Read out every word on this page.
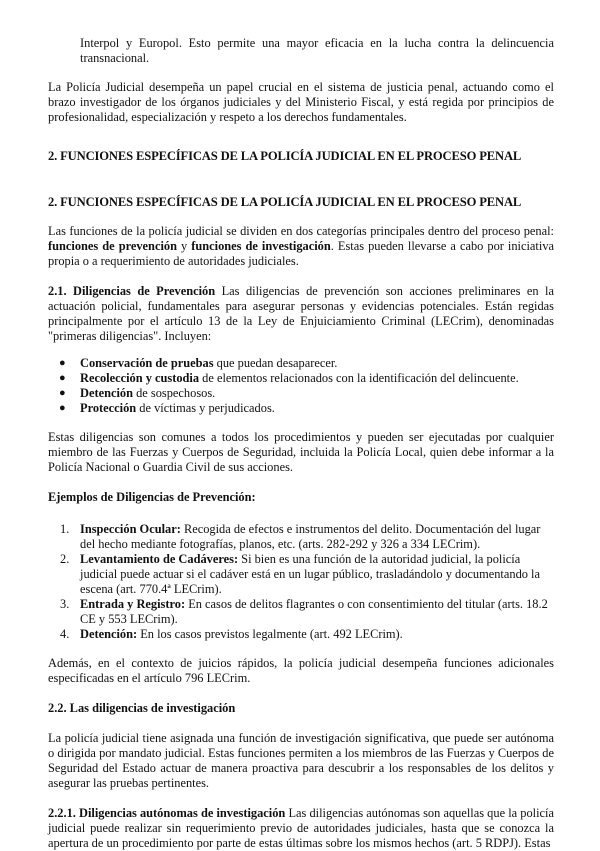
Interpol y Europol. Esto permite una mayor eficacia en la lucha contra la delincuencia transnacional.

La Policía Judicial desempeña un papel crucial en el sistema de justicia penal, actuando como el brazo investigador de los órganos judiciales y del Ministerio Fiscal, y está regida por principios de profesionalidad, especialización y respeto a los derechos fundamentales.

2. FUNCIONES ESPECÍFICAS DE LA POLICÍA JUDICIAL EN EL PROCESO PENAL
2. FUNCIONES ESPECÍFICAS DE LA POLICÍA JUDICIAL EN EL PROCESO PENAL

Las funciones de la policía judicial se dividen en dos categorías principales dentro del proceso penal: funciones de prevención y funciones de investigación. Estas pueden llevarse a cabo por iniciativa propia o a requerimiento de autoridades judiciales.

2.1. Diligencias de Prevención Las diligencias de prevención son acciones preliminares en la actuación policial, fundamentales para asegurar personas y evidencias potenciales. Están regidas principalmente por el artículo 13 de la Ley de Enjuiciamiento Criminal (LECrim), denominadas "primeras diligencias". Incluyen:

● Conservación de pruebas que puedan desaparecer.
● Recolección y custodia de elementos relacionados con la identificación del delincuente.
● Detención de sospechosos.
● Protección de víctimas y perjudicados.

Estas diligencias son comunes a todos los procedimientos y pueden ser ejecutadas por cualquier miembro de las Fuerzas y Cuerpos de Seguridad, incluida la Policía Local, quien debe informar a la Policía Nacional o Guardia Civil de sus acciones.

Ejemplos de Diligencias de Prevención:

1. Inspección Ocular: Recogida de efectos e instrumentos del delito. Documentación del lugar del hecho mediante fotografías, planos, etc. (arts. 282-292 y 326 a 334 LECrim).
2. Levantamiento de Cadáveres: Si bien es una función de la autoridad judicial, la policía judicial puede actuar si el cadáver está en un lugar público, trasladándolo y documentando la escena (art. 770.4ª LECrim).
3. Entrada y Registro: En casos de delitos flagrantes o con consentimiento del titular (arts. 18.2 CE y 553 LECrim).
4. Detención: En los casos previstos legalmente (art. 492 LECrim).

Además, en el contexto de juicios rápidos, la policía judicial desempeña funciones adicionales especificadas en el artículo 796 LECrim.

2.2. Las diligencias de investigación

La policía judicial tiene asignada una función de investigación significativa, que puede ser autónoma o dirigida por mandato judicial. Estas funciones permiten a los miembros de las Fuerzas y Cuerpos de Seguridad del Estado actuar de manera proactiva para descubrir a los responsables de los delitos y asegurar las pruebas pertinentes.

2.2.1. Diligencias autónomas de investigación Las diligencias autónomas son aquellas que la policía judicial puede realizar sin requerimiento previo de autoridades judiciales, hasta que se conozca la apertura de un procedimiento por parte de estas últimas sobre los mismos hechos (art. 5 RDPJ). Estas
